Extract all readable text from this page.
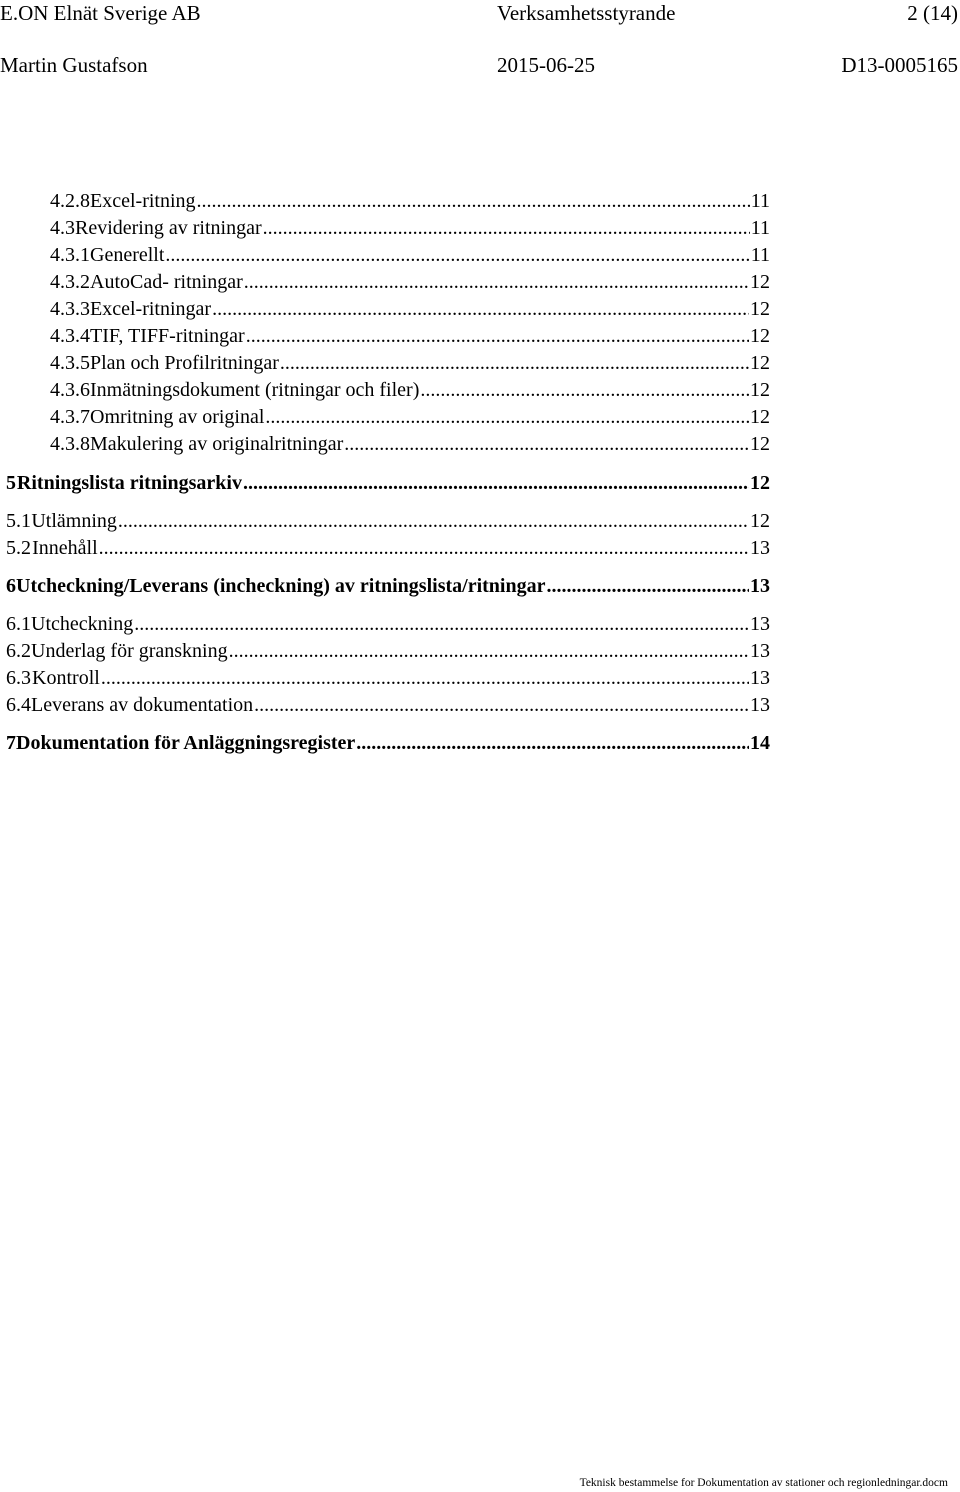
E.ON Elnät Sverige AB	Verksamhetsstyrande	2 (14)
Martin Gustafson	2015-06-25	D13-0005165
4.2.8 Excel-ritning .....	11
4.3 Revidering av ritningar .....	11
4.3.1 Generellt .....	11
4.3.2 AutoCad- ritningar .....	12
4.3.3 Excel-ritningar .....	12
4.3.4 TIF, TIFF-ritningar .....	12
4.3.5 Plan och Profilritningar .....	12
4.3.6 Inmätningsdokument (ritningar och filer) .....	12
4.3.7 Omritning av original .....	12
4.3.8 Makulering av originalritningar .....	12
5 Ritningslista ritningsarkiv .....	12
5.1 Utlämning .....	12
5.2 Innehåll .....	13
6 Utcheckning/Leverans (incheckning) av ritningslista/ritningar .....	13
6.1 Utcheckning .....	13
6.2 Underlag för granskning .....	13
6.3 Kontroll .....	13
6.4 Leverans av dokumentation .....	13
7 Dokumentation för Anläggningsregister .....	14
Teknisk bestammelse for Dokumentation av stationer och regionledningar.docm
